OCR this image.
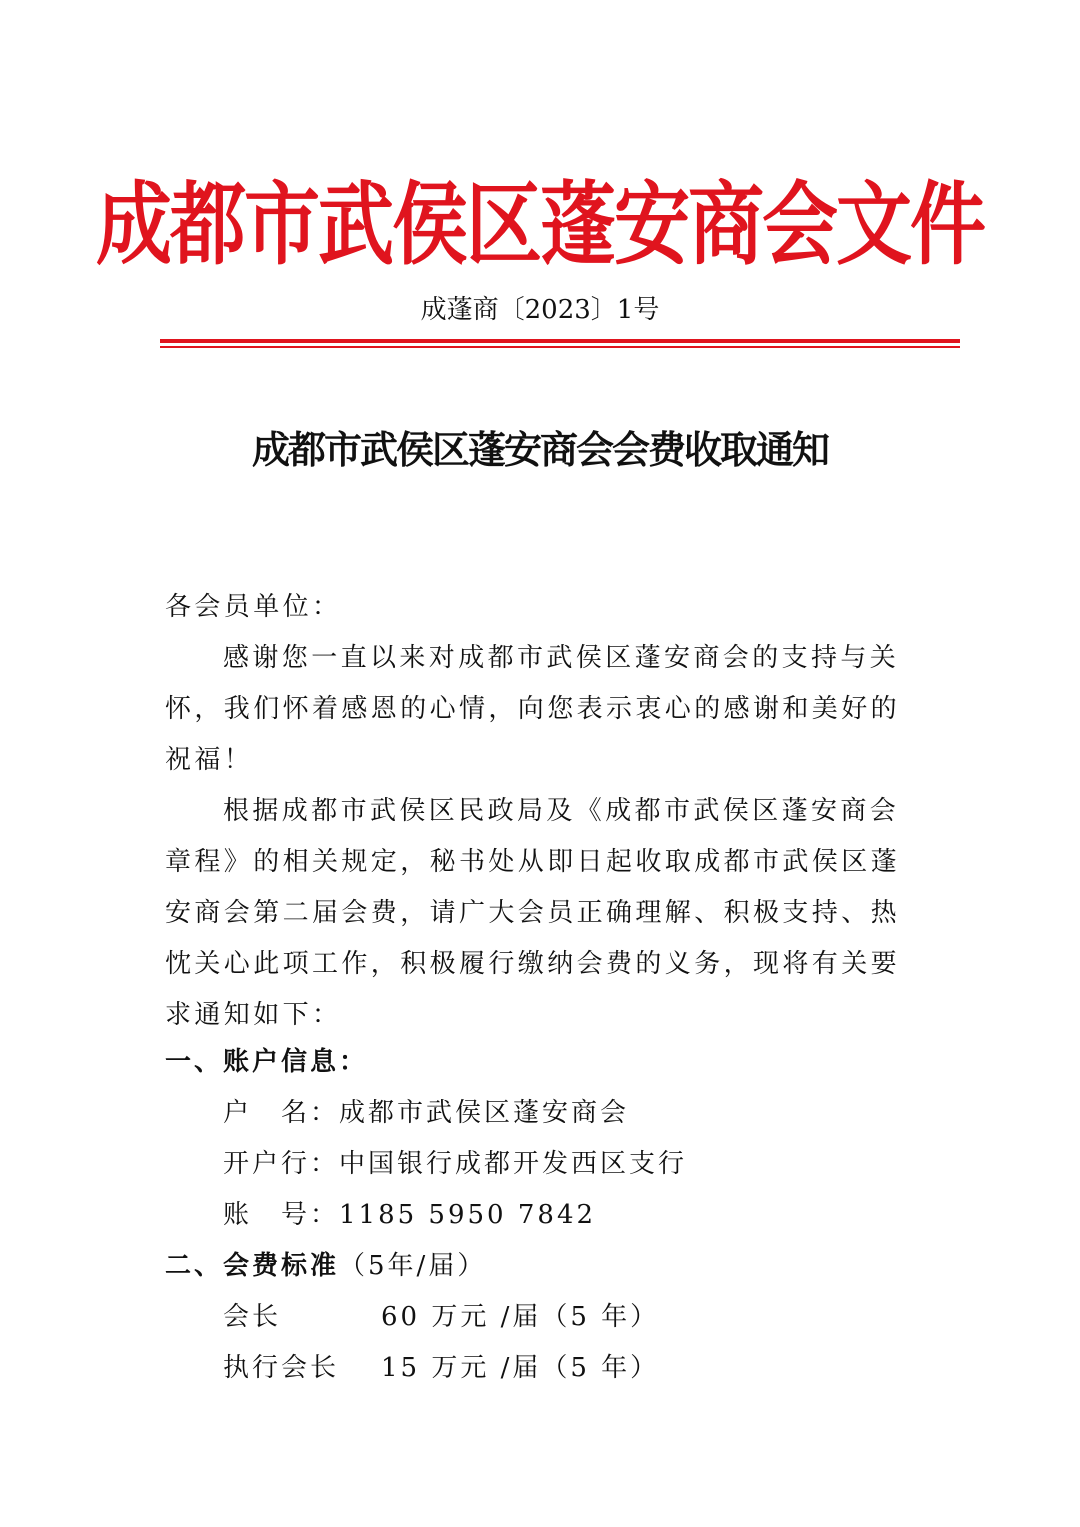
成都市武侯区蓬安商会文件
成蓬商〔2023〕1号
成都市武侯区蓬安商会会费收取通知
各会员单位：
感谢您一直以来对成都市武侯区蓬安商会的支持与关怀，我们怀着感恩的心情，向您表示衷心的感谢和美好的祝福！
根据成都市武侯区民政局及《成都市武侯区蓬安商会章程》的相关规定，秘书处从即日起收取成都市武侯区蓬安商会第二届会费，请广大会员正确理解、积极支持、热忱关心此项工作，积极履行缴纳会费的义务，现将有关要求通知如下：
一、账户信息：
户　名：成都市武侯区蓬安商会
开户行：中国银行成都开发西区支行
账　号：1185 5950 7842
二、会费标准（5年/届）
会长	60 万元 /届（5 年）
执行会长 15 万元 /届（5 年）
